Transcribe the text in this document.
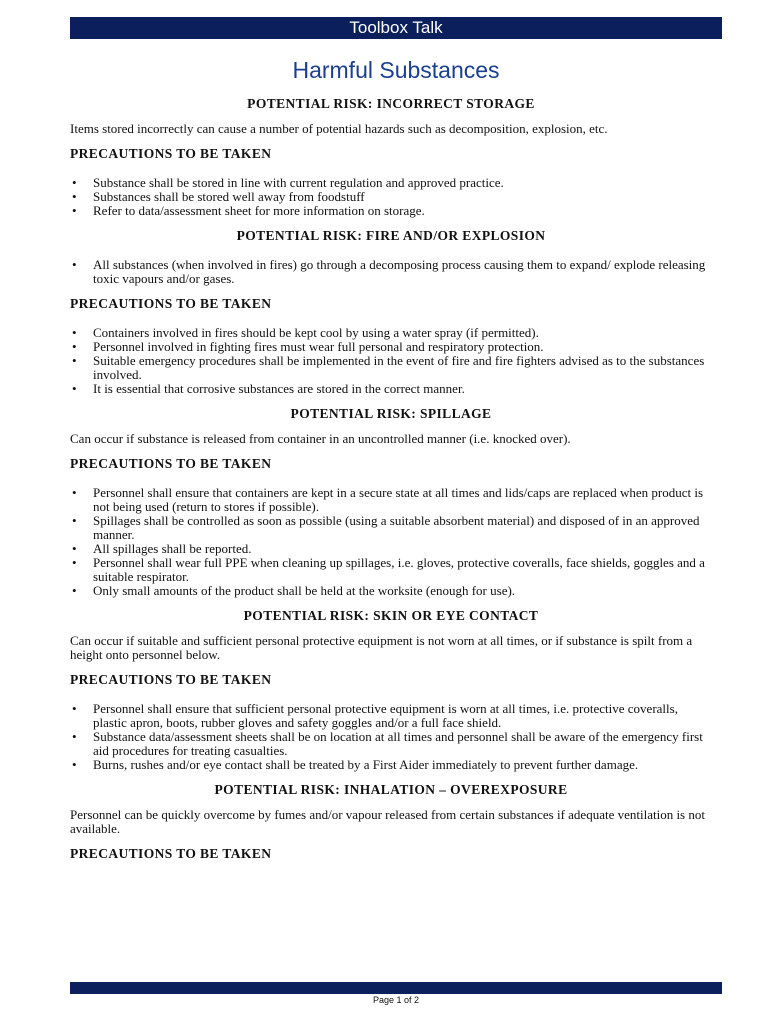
Toolbox Talk
Harmful Substances
POTENTIAL RISK: INCORRECT STORAGE

Items stored incorrectly can cause a number of potential hazards such as decomposition, explosion, etc.

PRECAUTIONS TO BE TAKEN
• Substance shall be stored in line with current regulation and approved practice.
• Substances shall be stored well away from foodstuff
• Refer to data/assessment sheet for more information on storage.
POTENTIAL RISK: FIRE AND/OR EXPLOSION
• All substances (when involved in fires) go through a decomposing process causing them to expand/ explode releasing toxic vapours and/or gases.
PRECAUTIONS TO BE TAKEN
• Containers involved in fires should be kept cool by using a water spray (if permitted).
• Personnel involved in fighting fires must wear full personal and respiratory protection.
• Suitable emergency procedures shall be implemented in the event of fire and fire fighters advised as to the substances involved.
• It is essential that corrosive substances are stored in the correct manner.
POTENTIAL RISK: SPILLAGE

Can occur if substance is released from container in an uncontrolled manner (i.e. knocked over).

PRECAUTIONS TO BE TAKEN
• Personnel shall ensure that containers are kept in a secure state at all times and lids/caps are replaced when product is not being used (return to stores if possible).
• Spillages shall be controlled as soon as possible (using a suitable absorbent material) and disposed of in an approved manner.
• All spillages shall be reported.
• Personnel shall wear full PPE when cleaning up spillages, i.e. gloves, protective coveralls, face shields, goggles and a suitable respirator.
• Only small amounts of the product shall be held at the worksite (enough for use).
POTENTIAL RISK: SKIN OR EYE CONTACT

Can occur if suitable and sufficient personal protective equipment is not worn at all times, or if substance is spilt from a height onto personnel below.

PRECAUTIONS TO BE TAKEN
• Personnel shall ensure that sufficient personal protective equipment is worn at all times, i.e. protective coveralls, plastic apron, boots, rubber gloves and safety goggles and/or a full face shield.
• Substance data/assessment sheets shall be on location at all times and personnel shall be aware of the emergency first aid procedures for treating casualties.
• Burns, rushes and/or eye contact shall be treated by a First Aider immediately to prevent further damage.
POTENTIAL RISK: INHALATION – OVEREXPOSURE

Personnel can be quickly overcome by fumes and/or vapour released from certain substances if adequate ventilation is not available.

PRECAUTIONS TO BE TAKEN
Page 1 of 2
